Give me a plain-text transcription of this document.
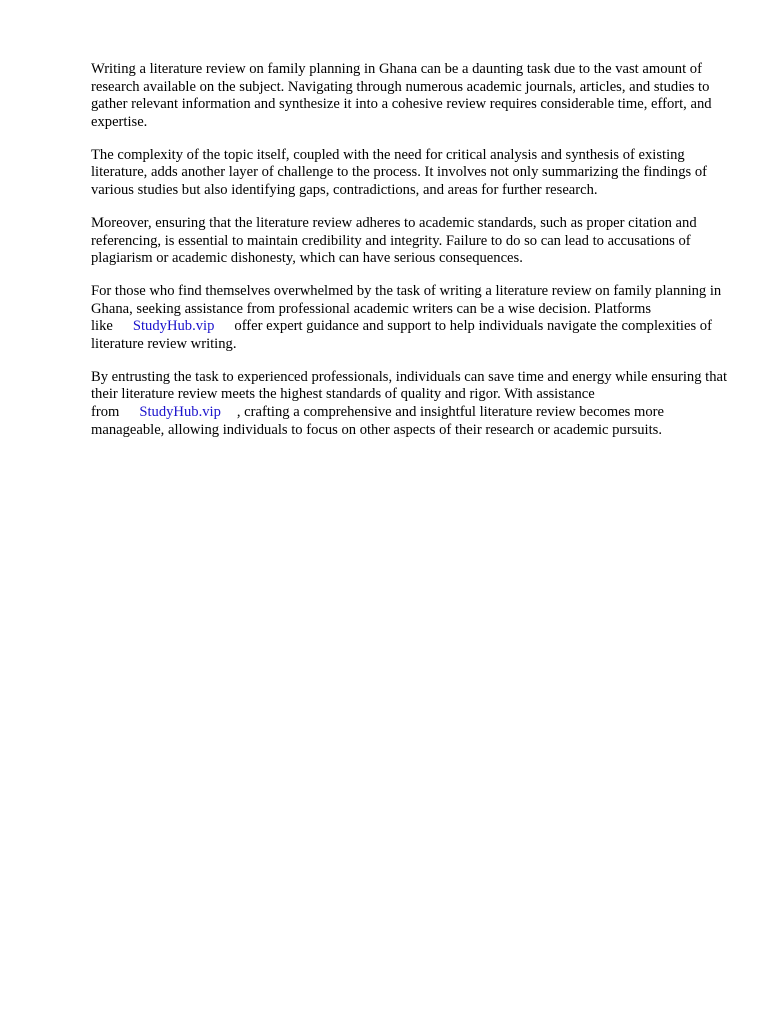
Writing a literature review on family planning in Ghana can be a daunting task due to the vast amount of research available on the subject. Navigating through numerous academic journals, articles, and studies to gather relevant information and synthesize it into a cohesive review requires considerable time, effort, and expertise.

The complexity of the topic itself, coupled with the need for critical analysis and synthesis of existing literature, adds another layer of challenge to the process. It involves not only summarizing the findings of various studies but also identifying gaps, contradictions, and areas for further research.

Moreover, ensuring that the literature review adheres to academic standards, such as proper citation and referencing, is essential to maintain credibility and integrity. Failure to do so can lead to accusations of plagiarism or academic dishonesty, which can have serious consequences.

For those who find themselves overwhelmed by the task of writing a literature review on family planning in Ghana, seeking assistance from professional academic writers can be a wise decision. Platforms like StudyHub.vip offer expert guidance and support to help individuals navigate the complexities of literature review writing.

By entrusting the task to experienced professionals, individuals can save time and energy while ensuring that their literature review meets the highest standards of quality and rigor. With assistance from StudyHub.vip , crafting a comprehensive and insightful literature review becomes more manageable, allowing individuals to focus on other aspects of their research or academic pursuits.
